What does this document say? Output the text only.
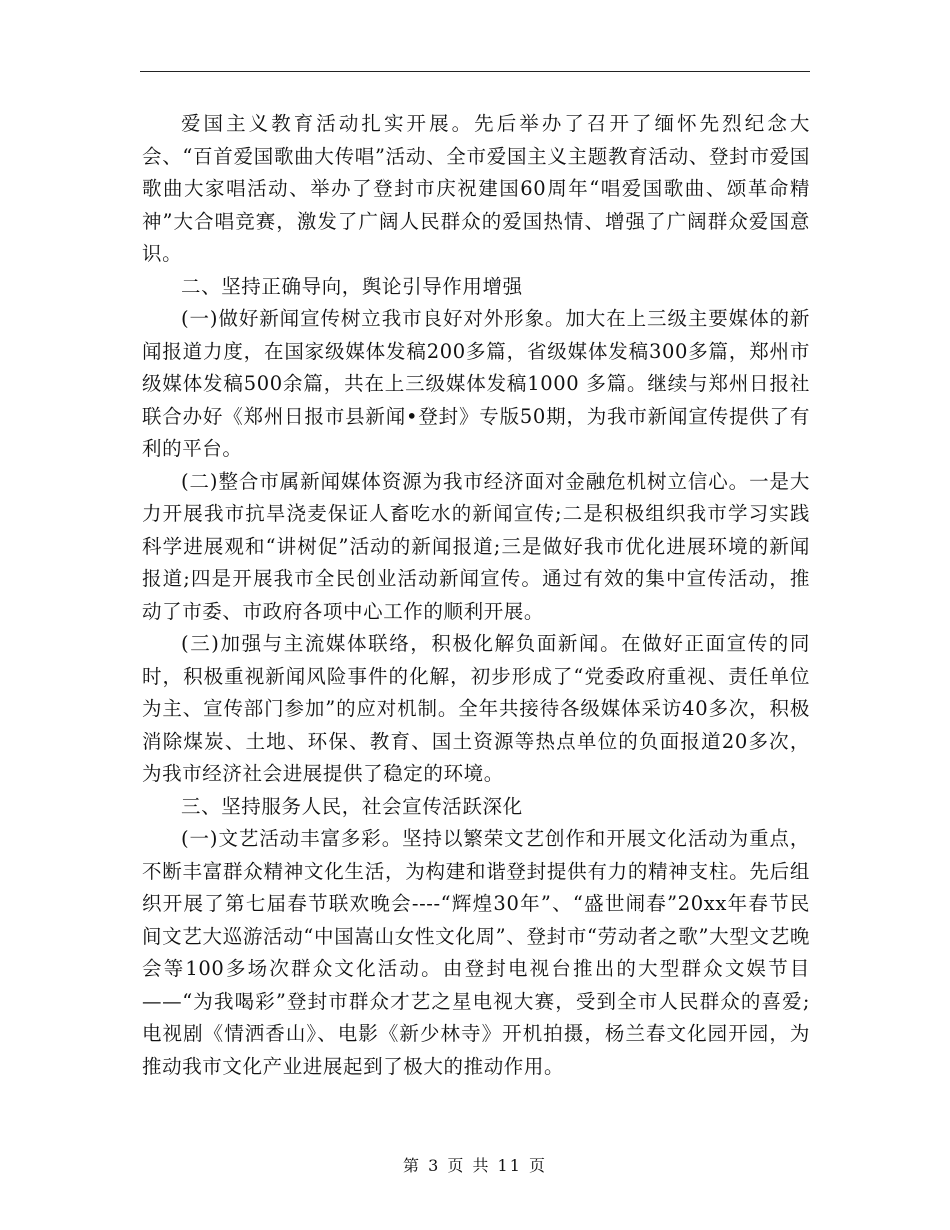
爱国主义教育活动扎实开展。先后举办了召开了缅怀先烈纪念大会、“百首爱国歌曲大传唱”活动、全市爱国主义主题教育活动、登封市爱国歌曲大家唱活动、举办了登封市庆祝建国60周年“唱爱国歌曲、颂革命精神”大合唱竞赛，激发了广阔人民群众的爱国热情、增强了广阔群众爱国意识。

二、坚持正确导向，舆论引导作用增强

(一)做好新闻宣传树立我市良好对外形象。加大在上三级主要媒体的新闻报道力度，在国家级媒体发稿200多篇，省级媒体发稿300多篇，郑州市级媒体发稿500余篇，共在上三级媒体发稿1000 多篇。继续与郑州日报社联合办好《郑州日报市县新闻•登封》专版50期，为我市新闻宣传提供了有利的平台。

(二)整合市属新闻媒体资源为我市经济面对金融危机树立信心。一是大力开展我市抗旱浇麦保证人畜吃水的新闻宣传;二是积极组织我市学习实践科学进展观和“讲树促”活动的新闻报道;三是做好我市优化进展环境的新闻报道;四是开展我市全民创业活动新闻宣传。通过有效的集中宣传活动，推动了市委、市政府各项中心工作的顺利开展。

(三)加强与主流媒体联络，积极化解负面新闻。在做好正面宣传的同时，积极重视新闻风险事件的化解，初步形成了“党委政府重视、责任单位为主、宣传部门参加”的应对机制。全年共接待各级媒体采访40多次，积极消除煤炭、土地、环保、教育、国土资源等热点单位的负面报道20多次，为我市经济社会进展提供了稳定的环境。

三、坚持服务人民，社会宣传活跃深化

(一)文艺活动丰富多彩。坚持以繁荣文艺创作和开展文化活动为重点，不断丰富群众精神文化生活，为构建和谐登封提供有力的精神支柱。先后组织开展了第七届春节联欢晚会----“辉煌30年”、“盛世闹春”20xx年春节民间文艺大巡游活动“中国嵩山女性文化周”、登封市“劳动者之歌”大型文艺晚会等100多场次群众文化活动。由登封电视台推出的大型群众文娱节目——“为我喝彩”登封市群众才艺之星电视大赛，受到全市人民群众的喜爱;电视剧《情洒香山》、电影《新少林寺》开机拍摄，杨兰春文化园开园，为推动我市文化产业进展起到了极大的推动作用。

第 3 页 共 11 页
